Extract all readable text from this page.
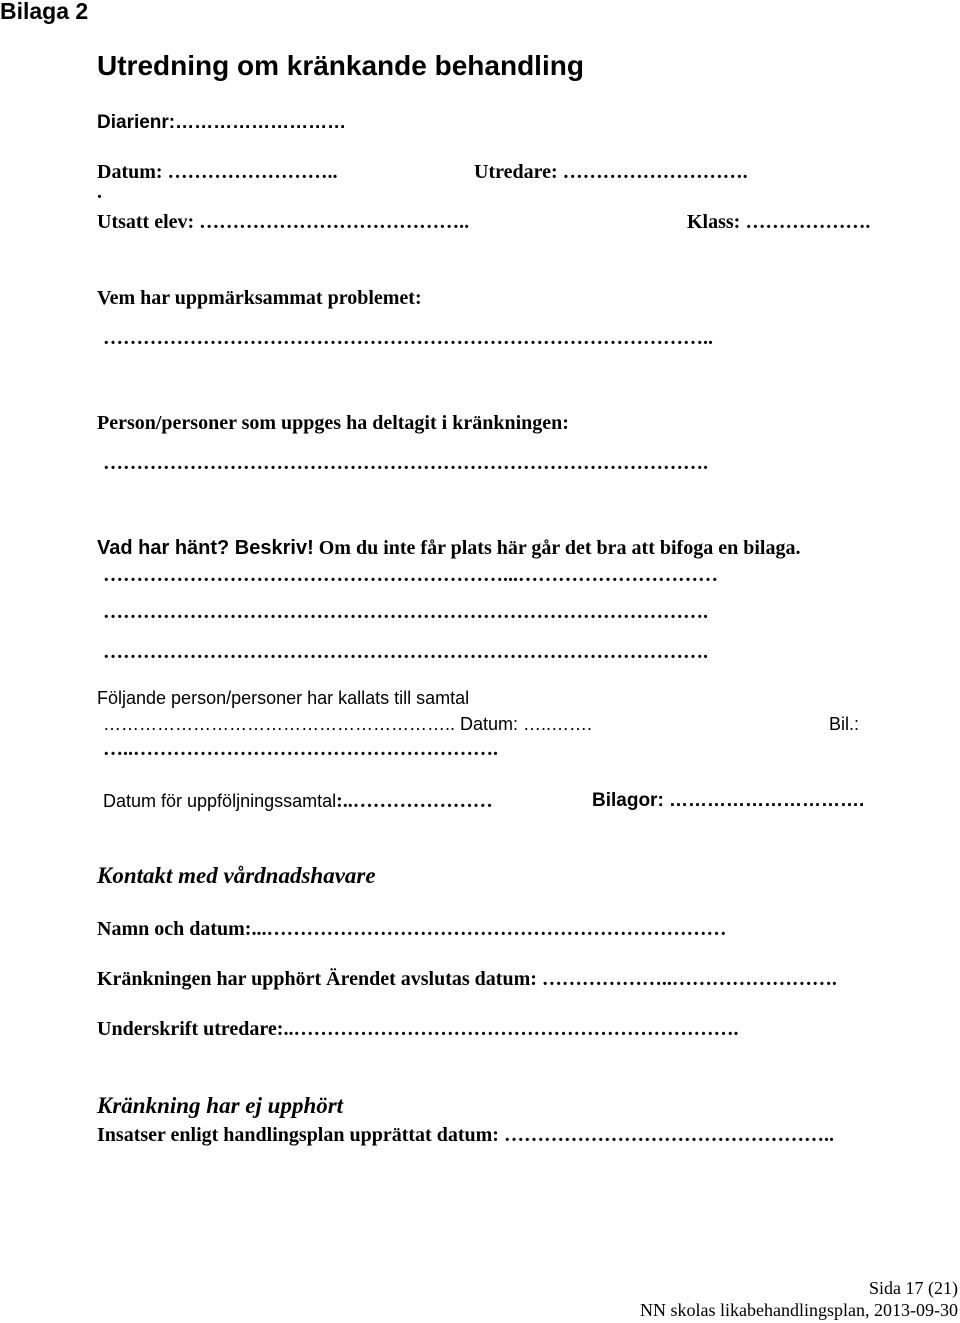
Bilaga 2
Utredning om kränkande behandling
Diarienr:………………………
Datum: ……………………..	Utredare: ……………………….
.
Utsatt elev: …………………………………..	Klass: ……………….
Vem har uppmärksammat problemet:
………………………………………………………………………………..
Person/personer som uppges ha deltagit i kränkningen:
……………………………………………………………………………….
Vad har hänt? Beskriv! Om du inte får plats här går det bra att bifoga en bilaga.
……………………………………………………...…………………………
……………………………………………………………………………….
……………………………………………………………………………….
Följande person/personer har kallats till samtal
………………………………………………….. Datum: …..…….	Bil.:
…..……………………………………………….
Datum för uppföljningssamtal:..…………………	Bilagor: ………………………….
Kontakt med vårdnadshavare
Namn och datum:...……………………………………………………………
Kränkningen har upphört Ärendet avslutas datum: ………………..…………………….
Underskrift utredare:..………………………………………………………….
Kränkning har ej upphört
Insatser enligt handlingsplan upprättat datum: …………………………………………..
Sida 17 (21)
NN skolas likabehandlingsplan, 2013-09-30
